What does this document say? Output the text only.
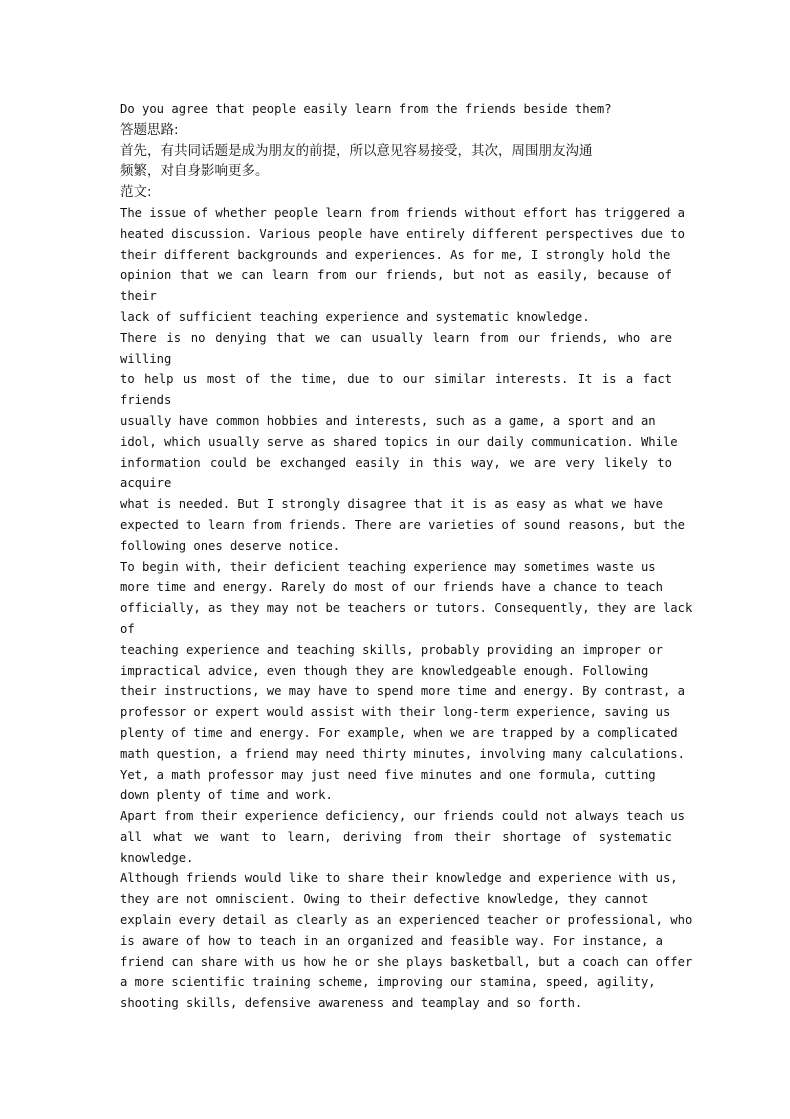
Do you agree that people easily learn from the friends beside them?
答题思路:
首先，有共同话题是成为朋友的前提，所以意见容易接受，其次，周围朋友沟通
频繁，对自身影响更多。
范文:
The issue of whether people learn from friends without effort has triggered a
heated discussion. Various people have entirely different perspectives due to
their different backgrounds and experiences. As for me, I strongly hold the
opinion that we can learn from our friends, but not as easily, because of
their
lack of sufficient teaching experience and systematic knowledge.
There is no denying that we can usually learn from our friends, who are
willing
to help us most of the time, due to our similar interests. It is a fact
friends
usually have common hobbies and interests, such as a game, a sport and an
idol, which usually serve as shared topics in our daily communication. While
information could be exchanged easily in this way, we are very likely to
acquire
what is needed. But I strongly disagree that it is as easy as what we have
expected to learn from friends. There are varieties of sound reasons, but the
following ones deserve notice.
To begin with, their deficient teaching experience may sometimes waste us
more time and energy. Rarely do most of our friends have a chance to teach
officially, as they may not be teachers or tutors. Consequently, they are lack
of
teaching experience and teaching skills, probably providing an improper or
impractical advice, even though they are knowledgeable enough. Following
their instructions, we may have to spend more time and energy. By contrast, a
professor or expert would assist with their long-term experience, saving us
plenty of time and energy. For example, when we are trapped by a complicated
math question, a friend may need thirty minutes, involving many calculations.
Yet, a math professor may just need five minutes and one formula, cutting
down plenty of time and work.
Apart from their experience deficiency, our friends could not always teach us
all what we want to learn, deriving from their shortage of systematic
knowledge.
Although friends would like to share their knowledge and experience with us,
they are not omniscient. Owing to their defective knowledge, they cannot
explain every detail as clearly as an experienced teacher or professional, who
is aware of how to teach in an organized and feasible way. For instance, a
friend can share with us how he or she plays basketball, but a coach can offer
a more scientific training scheme, improving our stamina, speed, agility,
shooting skills, defensive awareness and teamplay and so forth.
